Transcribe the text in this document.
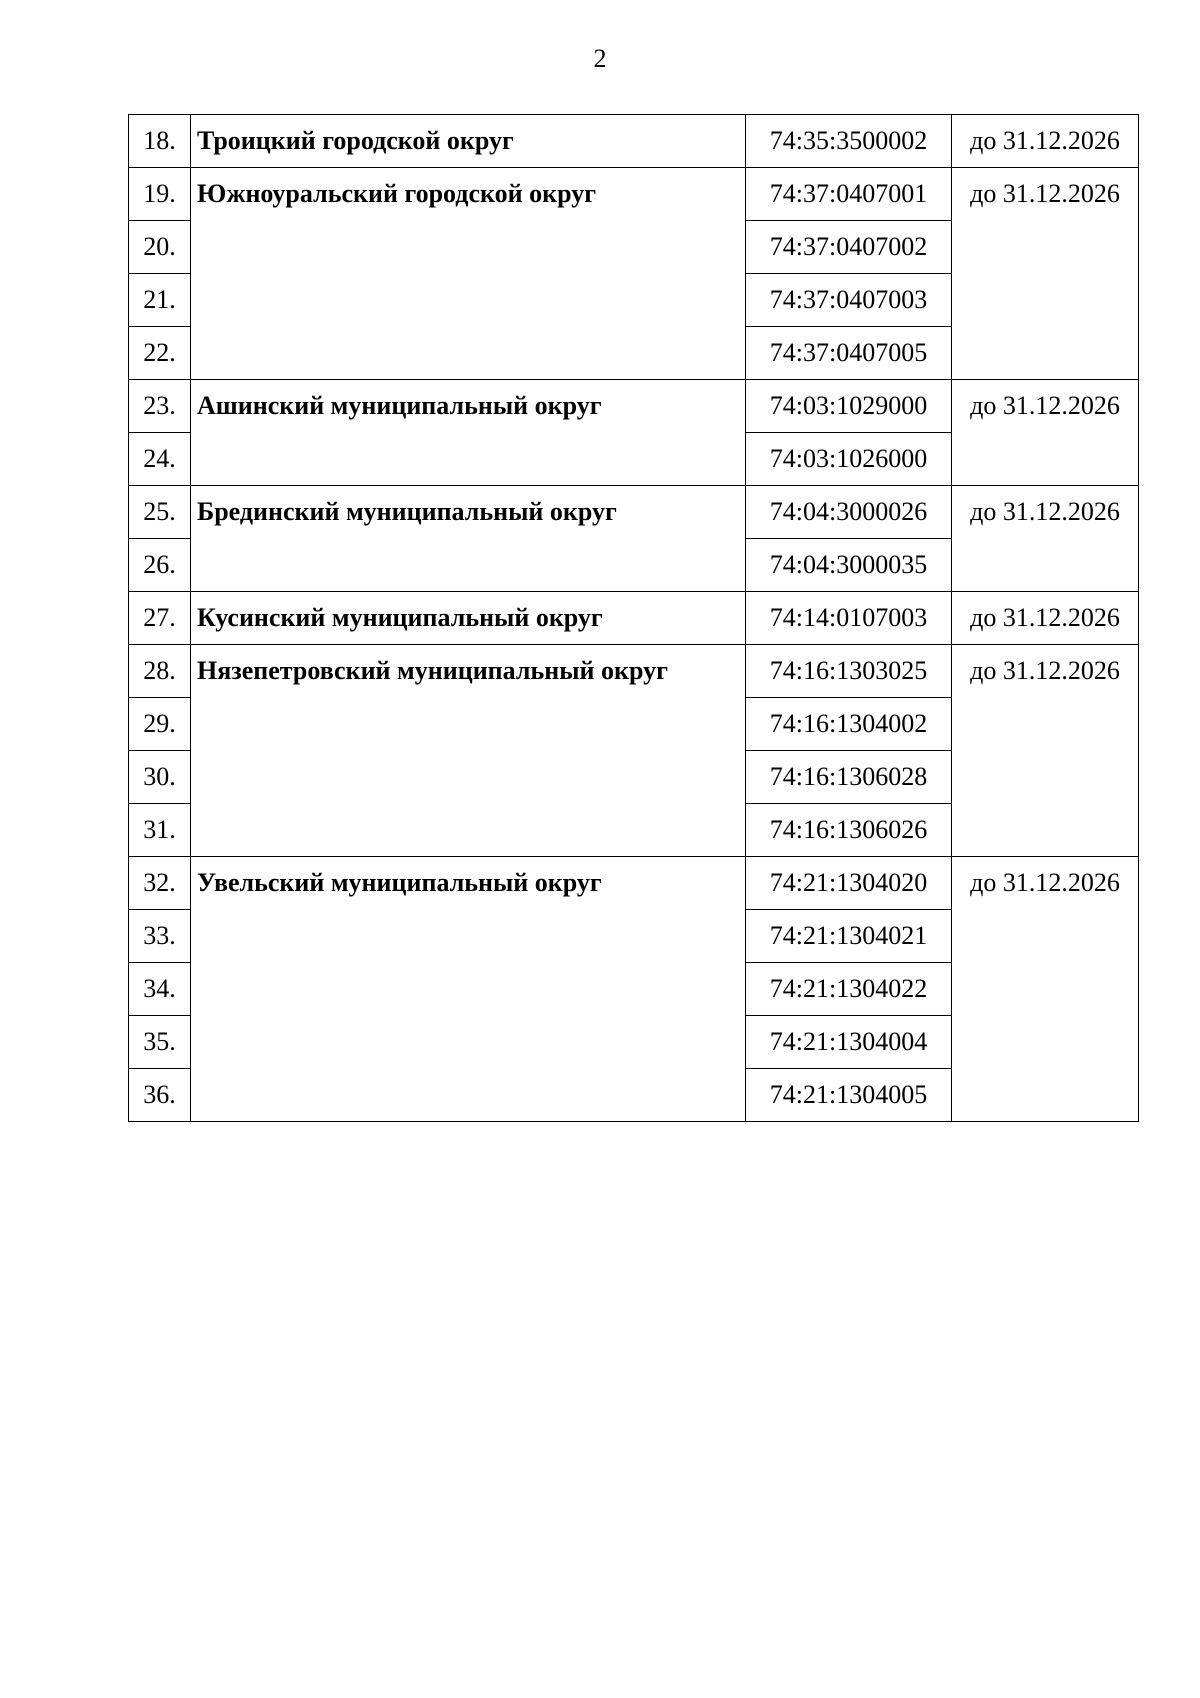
2
18.	Троицкий городской округ	74:35:3500002	до 31.12.2026
19.	Южноуральский городской округ	74:37:0407001	до 31.12.2026
20.		74:37:0407002	
21.		74:37:0407003	
22.		74:37:0407005	
23.	Ашинский муниципальный округ	74:03:1029000	до 31.12.2026
24.		74:03:1026000	
25.	Брединский муниципальный округ	74:04:3000026	до 31.12.2026
26.		74:04:3000035	
27.	Кусинский муниципальный округ	74:14:0107003	до 31.12.2026
28.	Нязепетровский муниципальный округ	74:16:1303025	до 31.12.2026
29.		74:16:1304002	
30.		74:16:1306028	
31.		74:16:1306026	
32.	Увельский муниципальный округ	74:21:1304020	до 31.12.2026
33.		74:21:1304021	
34.		74:21:1304022	
35.		74:21:1304004	
36.		74:21:1304005	
